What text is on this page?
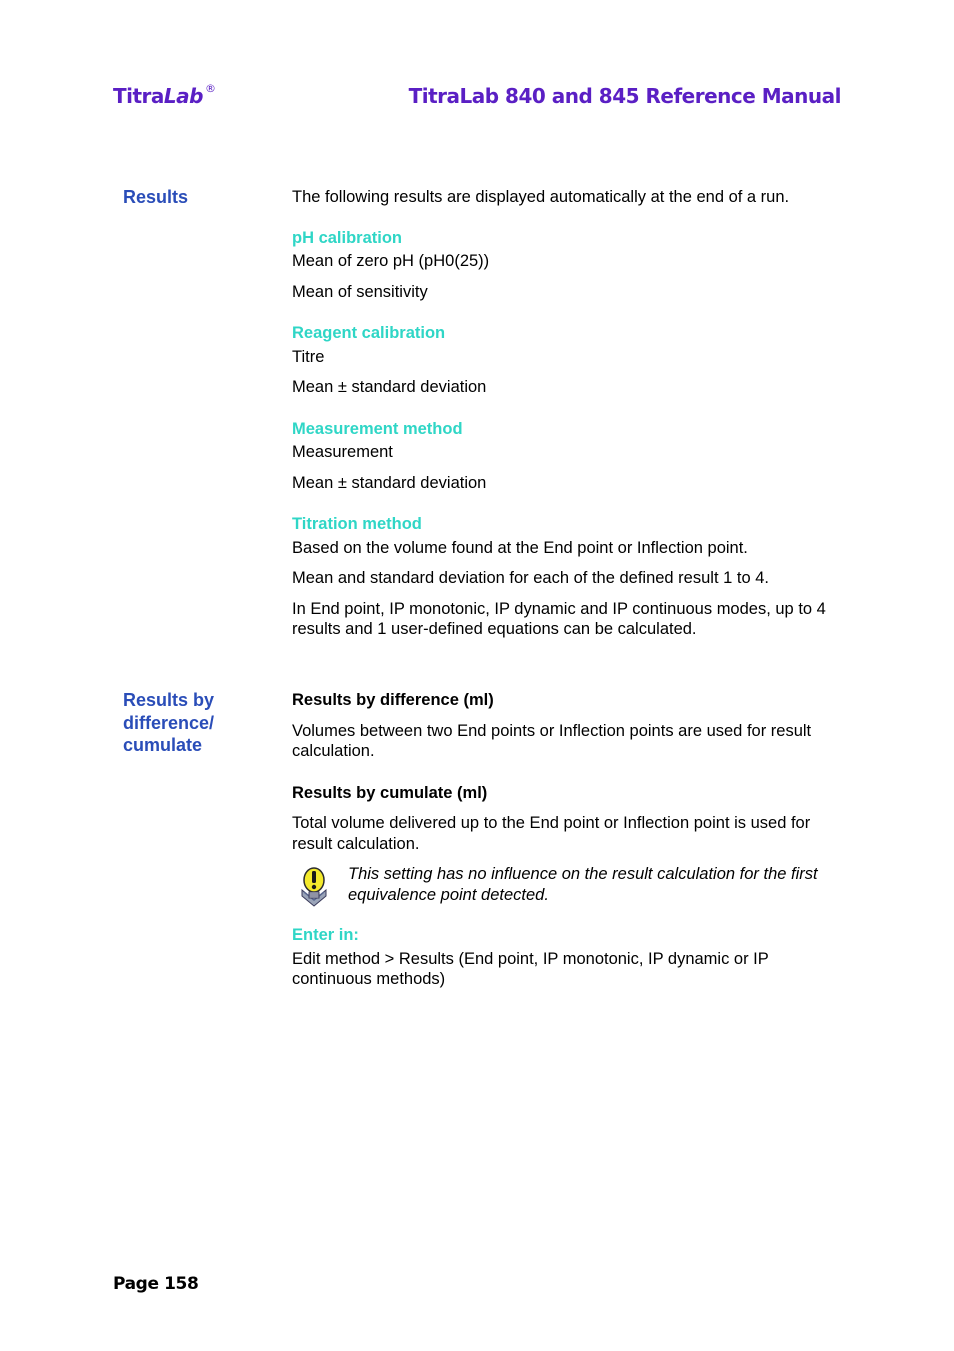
TitraLab ®	TitraLab 840 and 845 Reference Manual
Results	The following results are displayed automatically at the end of a run.

pH calibration

Mean of zero pH (pH0(25))

Mean of sensitivity

Reagent calibration

Titre

Mean ± standard deviation

Measurement method

Measurement

Mean ± standard deviation

Titration method

Based on the volume found at the End point or Inflection point.

Mean and standard deviation for each of the defined result 1 to 4.

In End point, IP monotonic, IP dynamic and IP continuous modes, up to 4 results and 1 user-defined equations can be calculated.

Results by difference/ cumulate

Results by difference (ml)

Volumes between two End points or Inflection points are used for result calculation.

Results by cumulate (ml)

Total volume delivered up to the End point or Inflection point is used for result calculation.

This setting has no influence on the result calculation for the first equivalence point detected.

Enter in:

Edit method > Results (End point, IP monotonic, IP dynamic or IP continuous methods)

Page 158
